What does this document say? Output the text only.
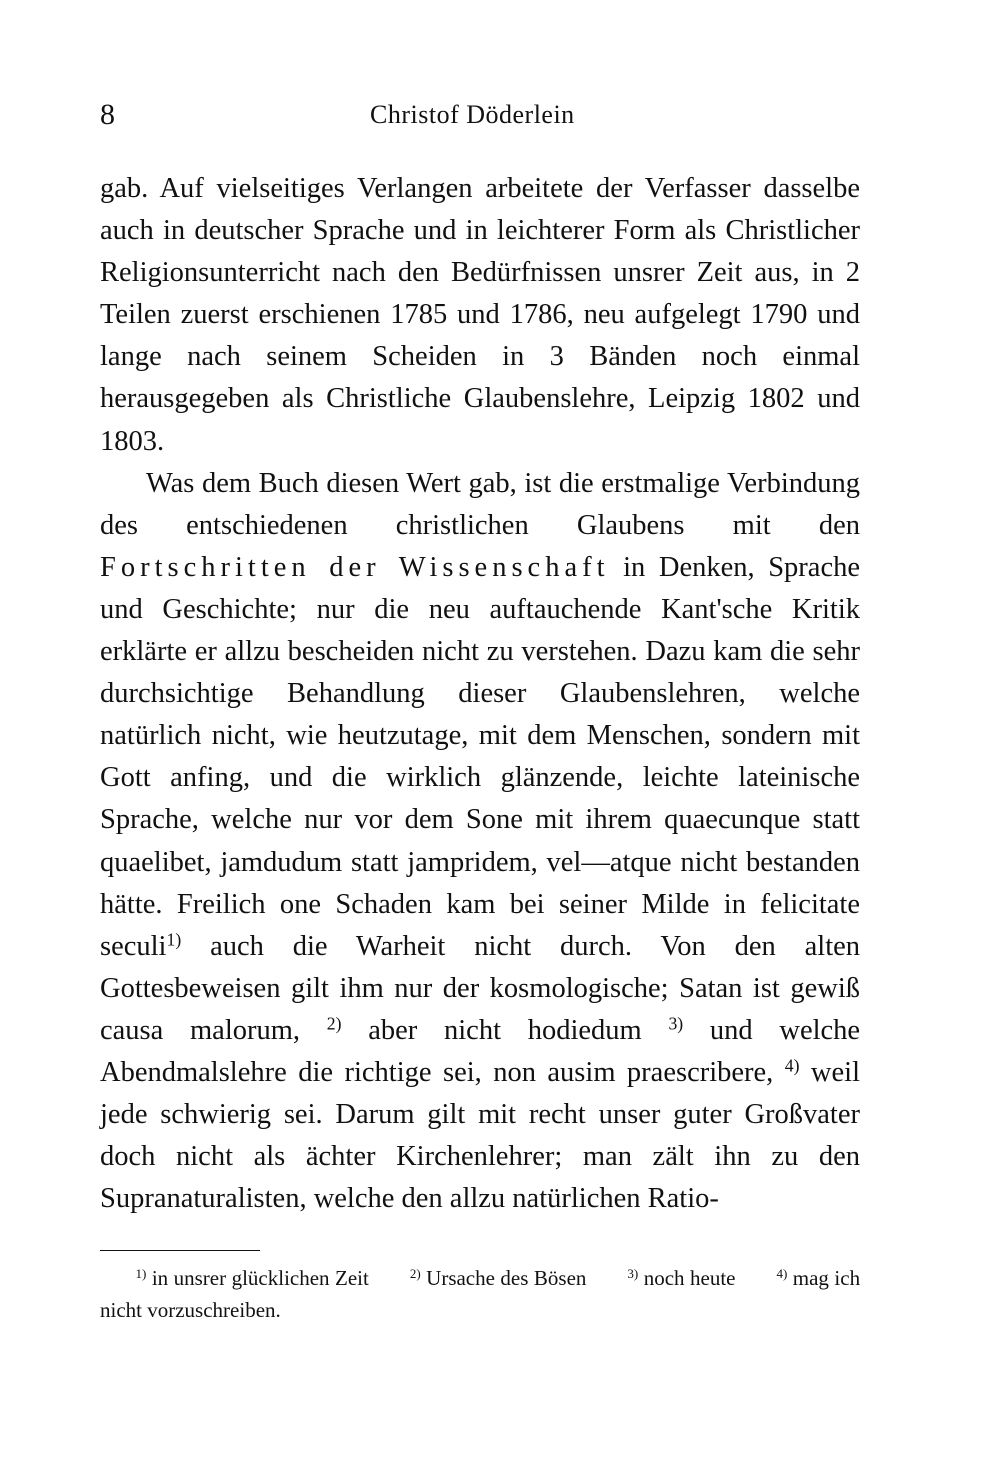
8	Christof Döderlein

gab. Auf vielseitiges Verlangen arbeitete der Verfasser dasselbe auch in deutscher Sprache und in leichterer Form als Christlicher Religionsunterricht nach den Bedürfnissen unsrer Zeit aus, in 2 Teilen zuerst erschienen 1785 und 1786, neu aufgelegt 1790 und lange nach seinem Scheiden in 3 Bänden noch einmal herausgegeben als Christliche Glaubenslehre, Leipzig 1802 und 1803.

Was dem Buch diesen Wert gab, ist die erstmalige Verbindung des entschiedenen christlichen Glaubens mit den Fortschritten der Wissenschaft in Denken, Sprache und Geschichte; nur die neu auftauchende Kant'sche Kritik erklärte er allzu bescheiden nicht zu verstehen. Dazu kam die sehr durchsichtige Behandlung dieser Glaubenslehren, welche natürlich nicht, wie heutzutage, mit dem Menschen, sondern mit Gott anfing, und die wirklich glänzende, leichte lateinische Sprache, welche nur vor dem Sone mit ihrem quaecunque statt quaelibet, jamdudum statt jampridem, vel—atque nicht bestanden hätte. Freilich one Schaden kam bei seiner Milde in felicitate seculi$^{1)}$ auch die Warheit nicht durch. Von den alten Gottesbeweisen gilt ihm nur der kosmologische; Satan ist gewiß causa malorum, $^{2)}$ aber nicht hodiedum $^{3)}$ und welche Abendmalslehre die richtige sei, non ausim praescribere, $^{4)}$ weil jede schwierig sei. Darum gilt mit recht unser guter Großvater doch nicht als ächter Kirchenlehrer; man zält ihn zu den Supranaturalisten, welche den allzu natürlichen Ratio-

$^{1)}$ in unsrer glücklichen Zeit	$^{2)}$ Ursache des Bösen	$^{3)}$ noch heute	$^{4)}$ mag ich nicht vorzuschreiben.
